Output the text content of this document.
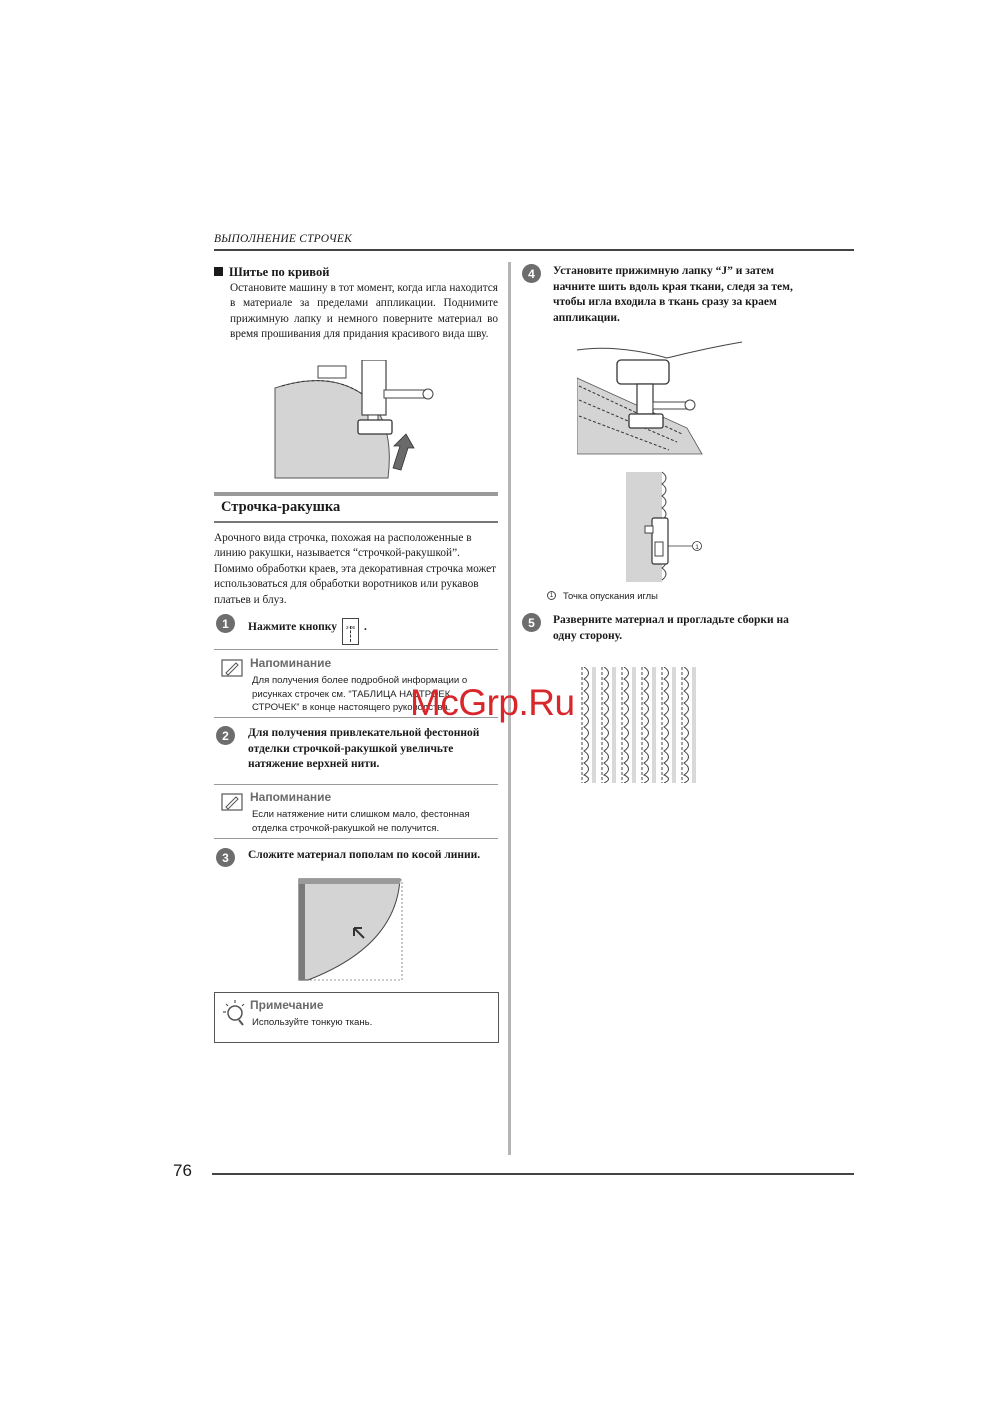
ВЫПОЛНЕНИЕ СТРОЧЕК
Шитье по кривой
Остановите машину в тот момент, когда игла находится в материале за пределами аппликации. Поднимите прижимную лапку и немного поверните материал во время прошивания для придания красивого вида шву.
Строчка-ракушка
Арочного вида строчка, похожая на расположенные в линию ракушки, называется “строчкой-ракушкой”. Помимо обработки краев, эта декоративная строчка может использоваться для обработки воротников или рукавов платьев и блуз.
1	Нажмите кнопку	2-06 .
Напоминание
Для получения более подробной информации о рисунках строчек см. “ТАБЛИЦА НАСТРОЕК СТРОЧЕК” в конце настоящего руководства.
2	Для получения привлекательной фестонной отделки строчкой-ракушкой увеличьте натяжение верхней нити.
Напоминание
Если натяжение нити слишком мало, фестонная отделка строчкой-ракушкой не получится.
3	Сложите материал пополам по косой линии.
Примечание
Используйте тонкую ткань.
4	Установите прижимную лапку “J” и затем начните шить вдоль края ткани, следя за тем, чтобы игла входила в ткань сразу за краем аппликации.
1
1	Точка опускания иглы
5	Разверните материал и прогладьте сборки на одну сторону.
McGrp.Ru
76
